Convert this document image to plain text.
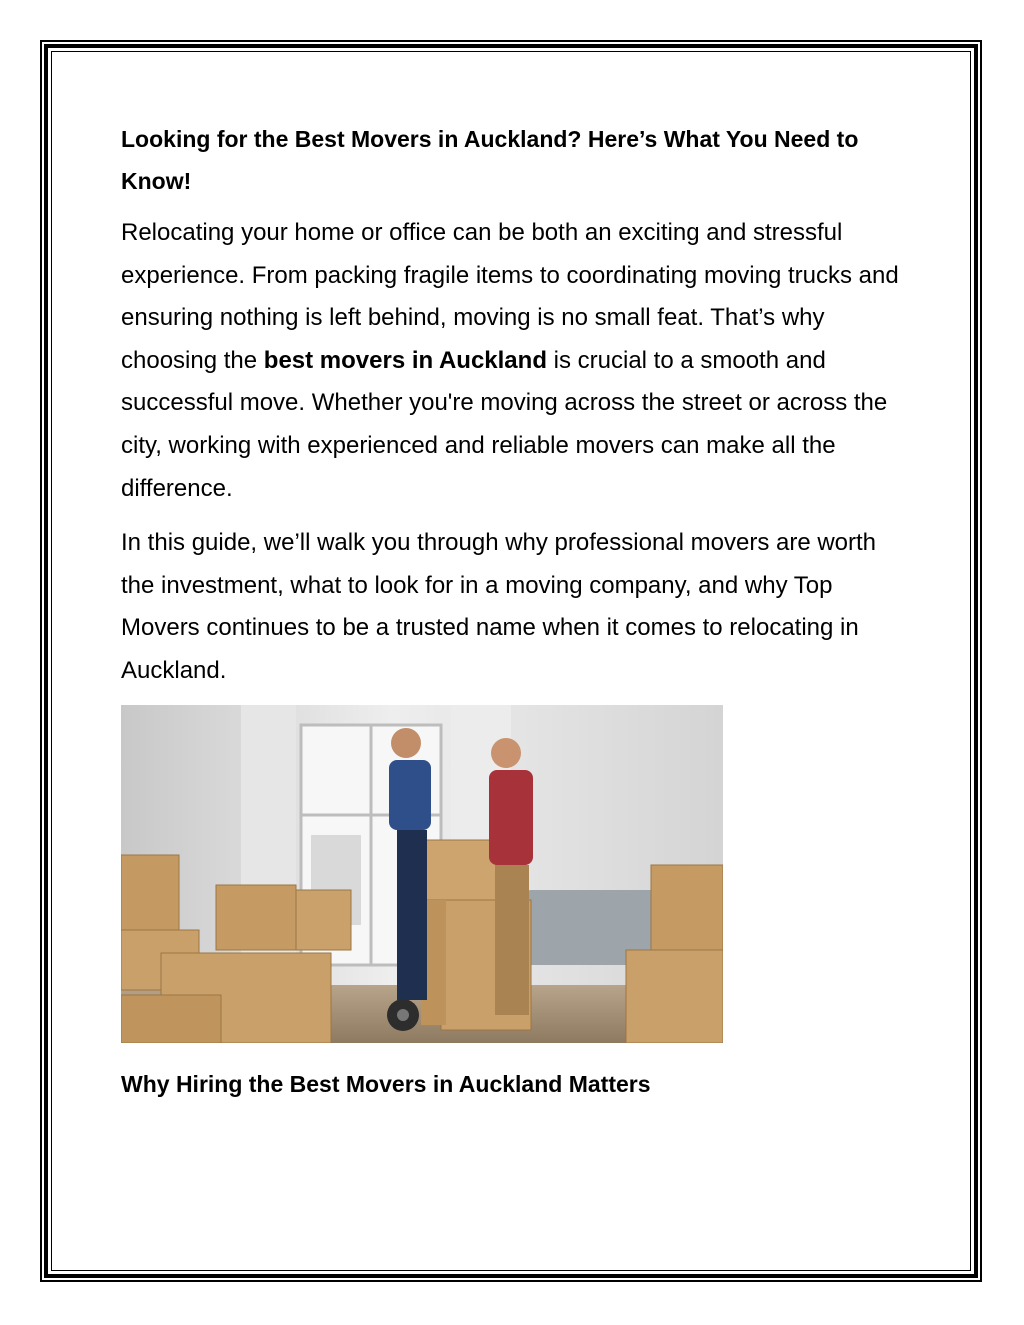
Looking for the Best Movers in Auckland? Here’s What You Need to Know!

Relocating your home or office can be both an exciting and stressful experience. From packing fragile items to coordinating moving trucks and ensuring nothing is left behind, moving is no small feat. That’s why choosing the best movers in Auckland is crucial to a smooth and successful move. Whether you're moving across the street or across the city, working with experienced and reliable movers can make all the difference.

In this guide, we’ll walk you through why professional movers are worth the investment, what to look for in a moving company, and why Top Movers continues to be a trusted name when it comes to relocating in Auckland.

Why Hiring the Best Movers in Auckland Matters
